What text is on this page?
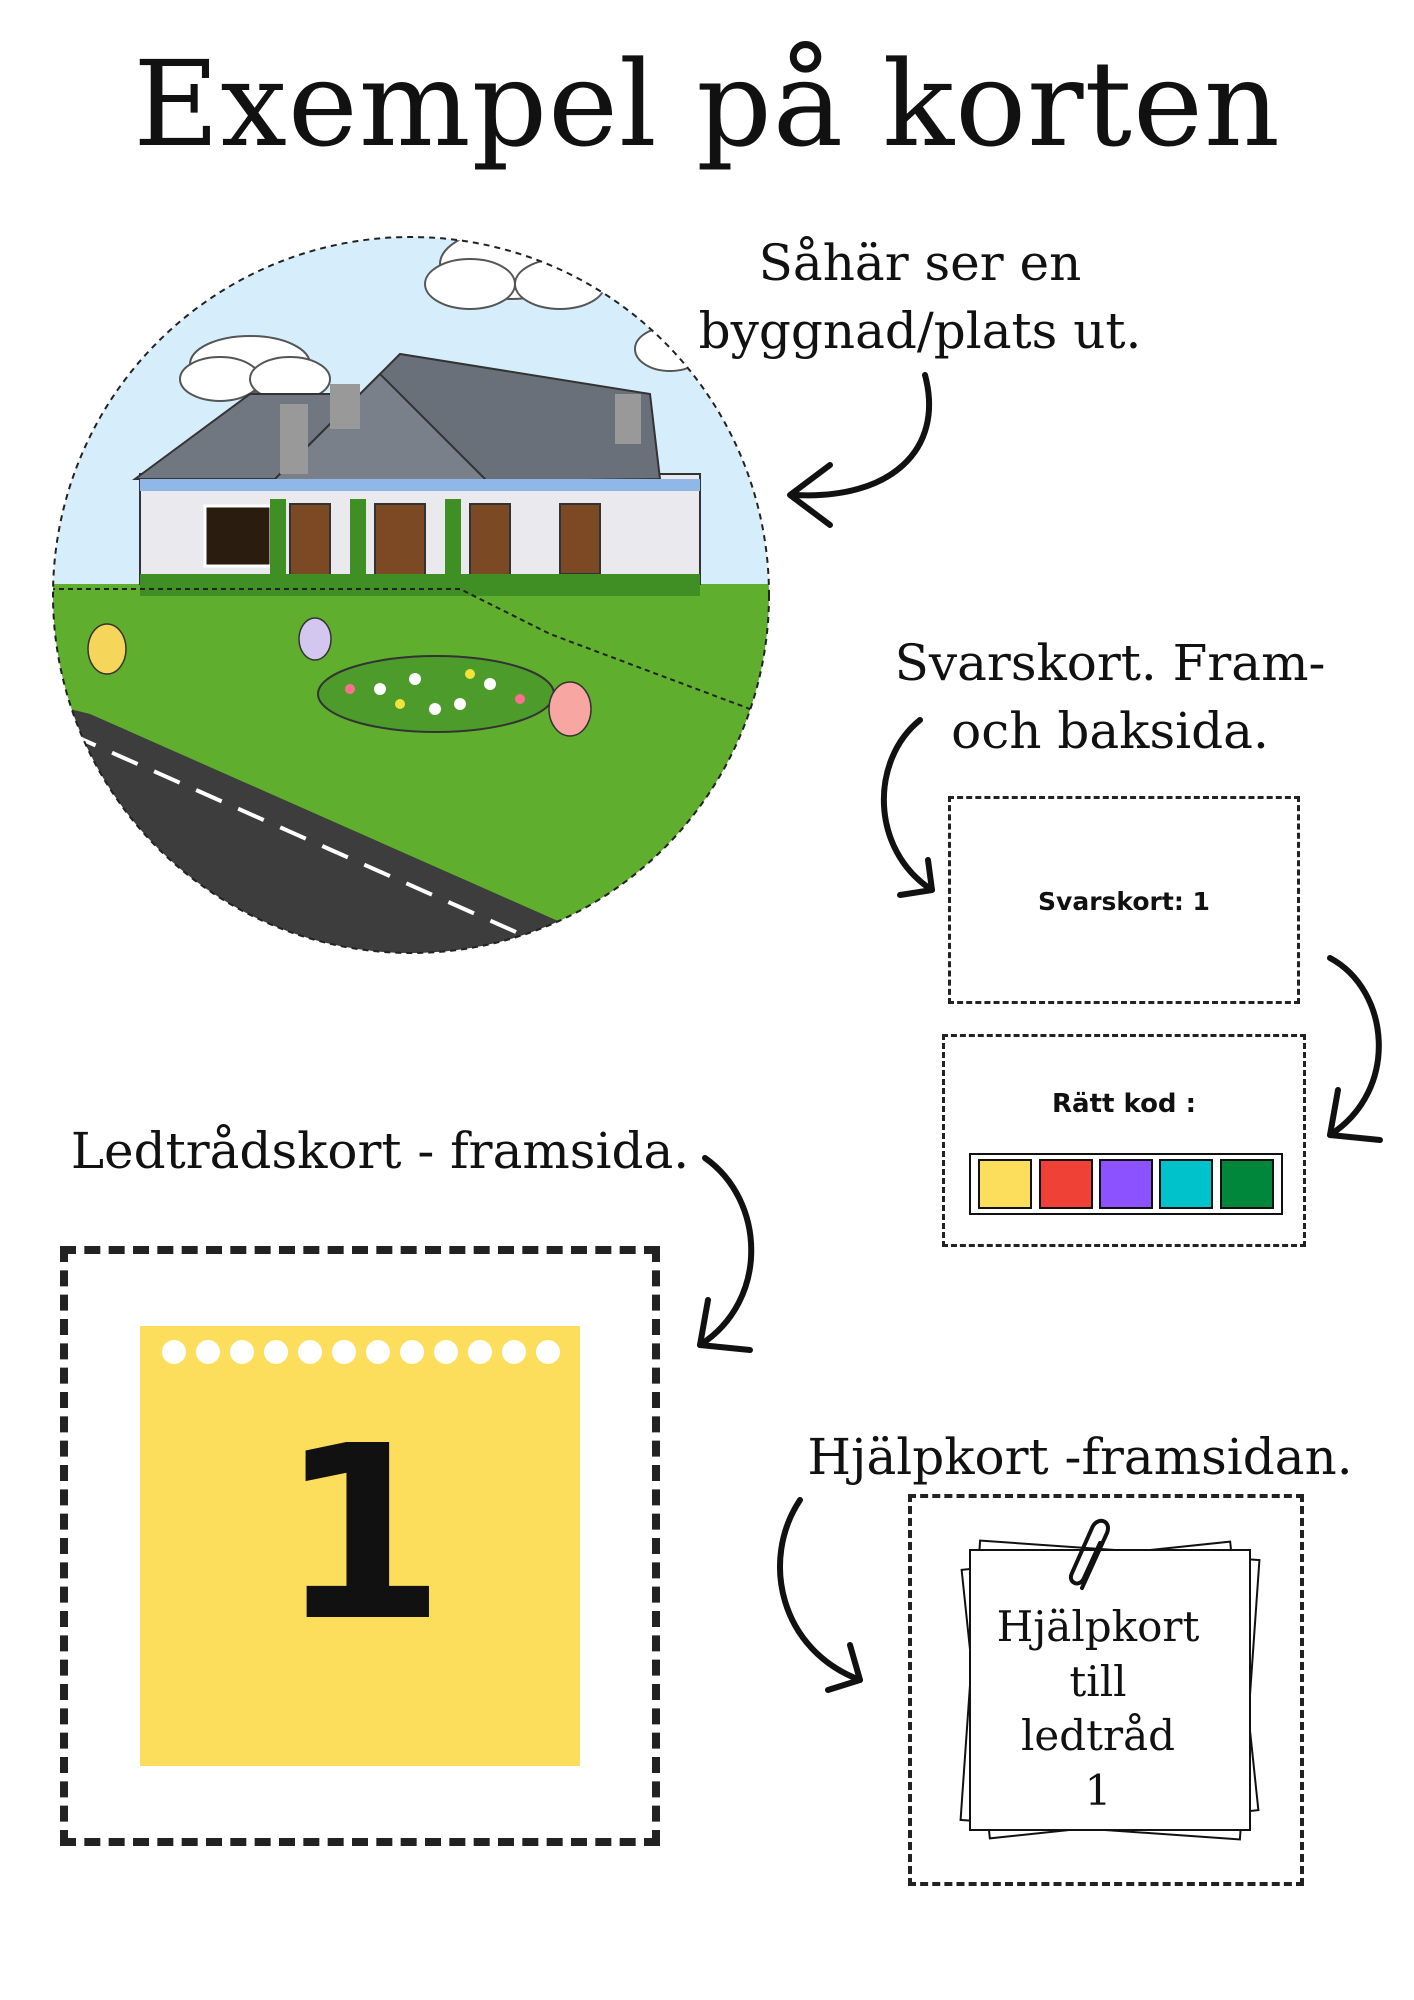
Exempel på korten
Såhär ser en
byggnad/plats ut.
Svarskort. Fram-
och baksida.
Svarskort: 1
Rätt kod :
Ledtrådskort - framsida.
1	Hjälpkort -framsidan.
Hjälpkort
till
ledtråd
1
